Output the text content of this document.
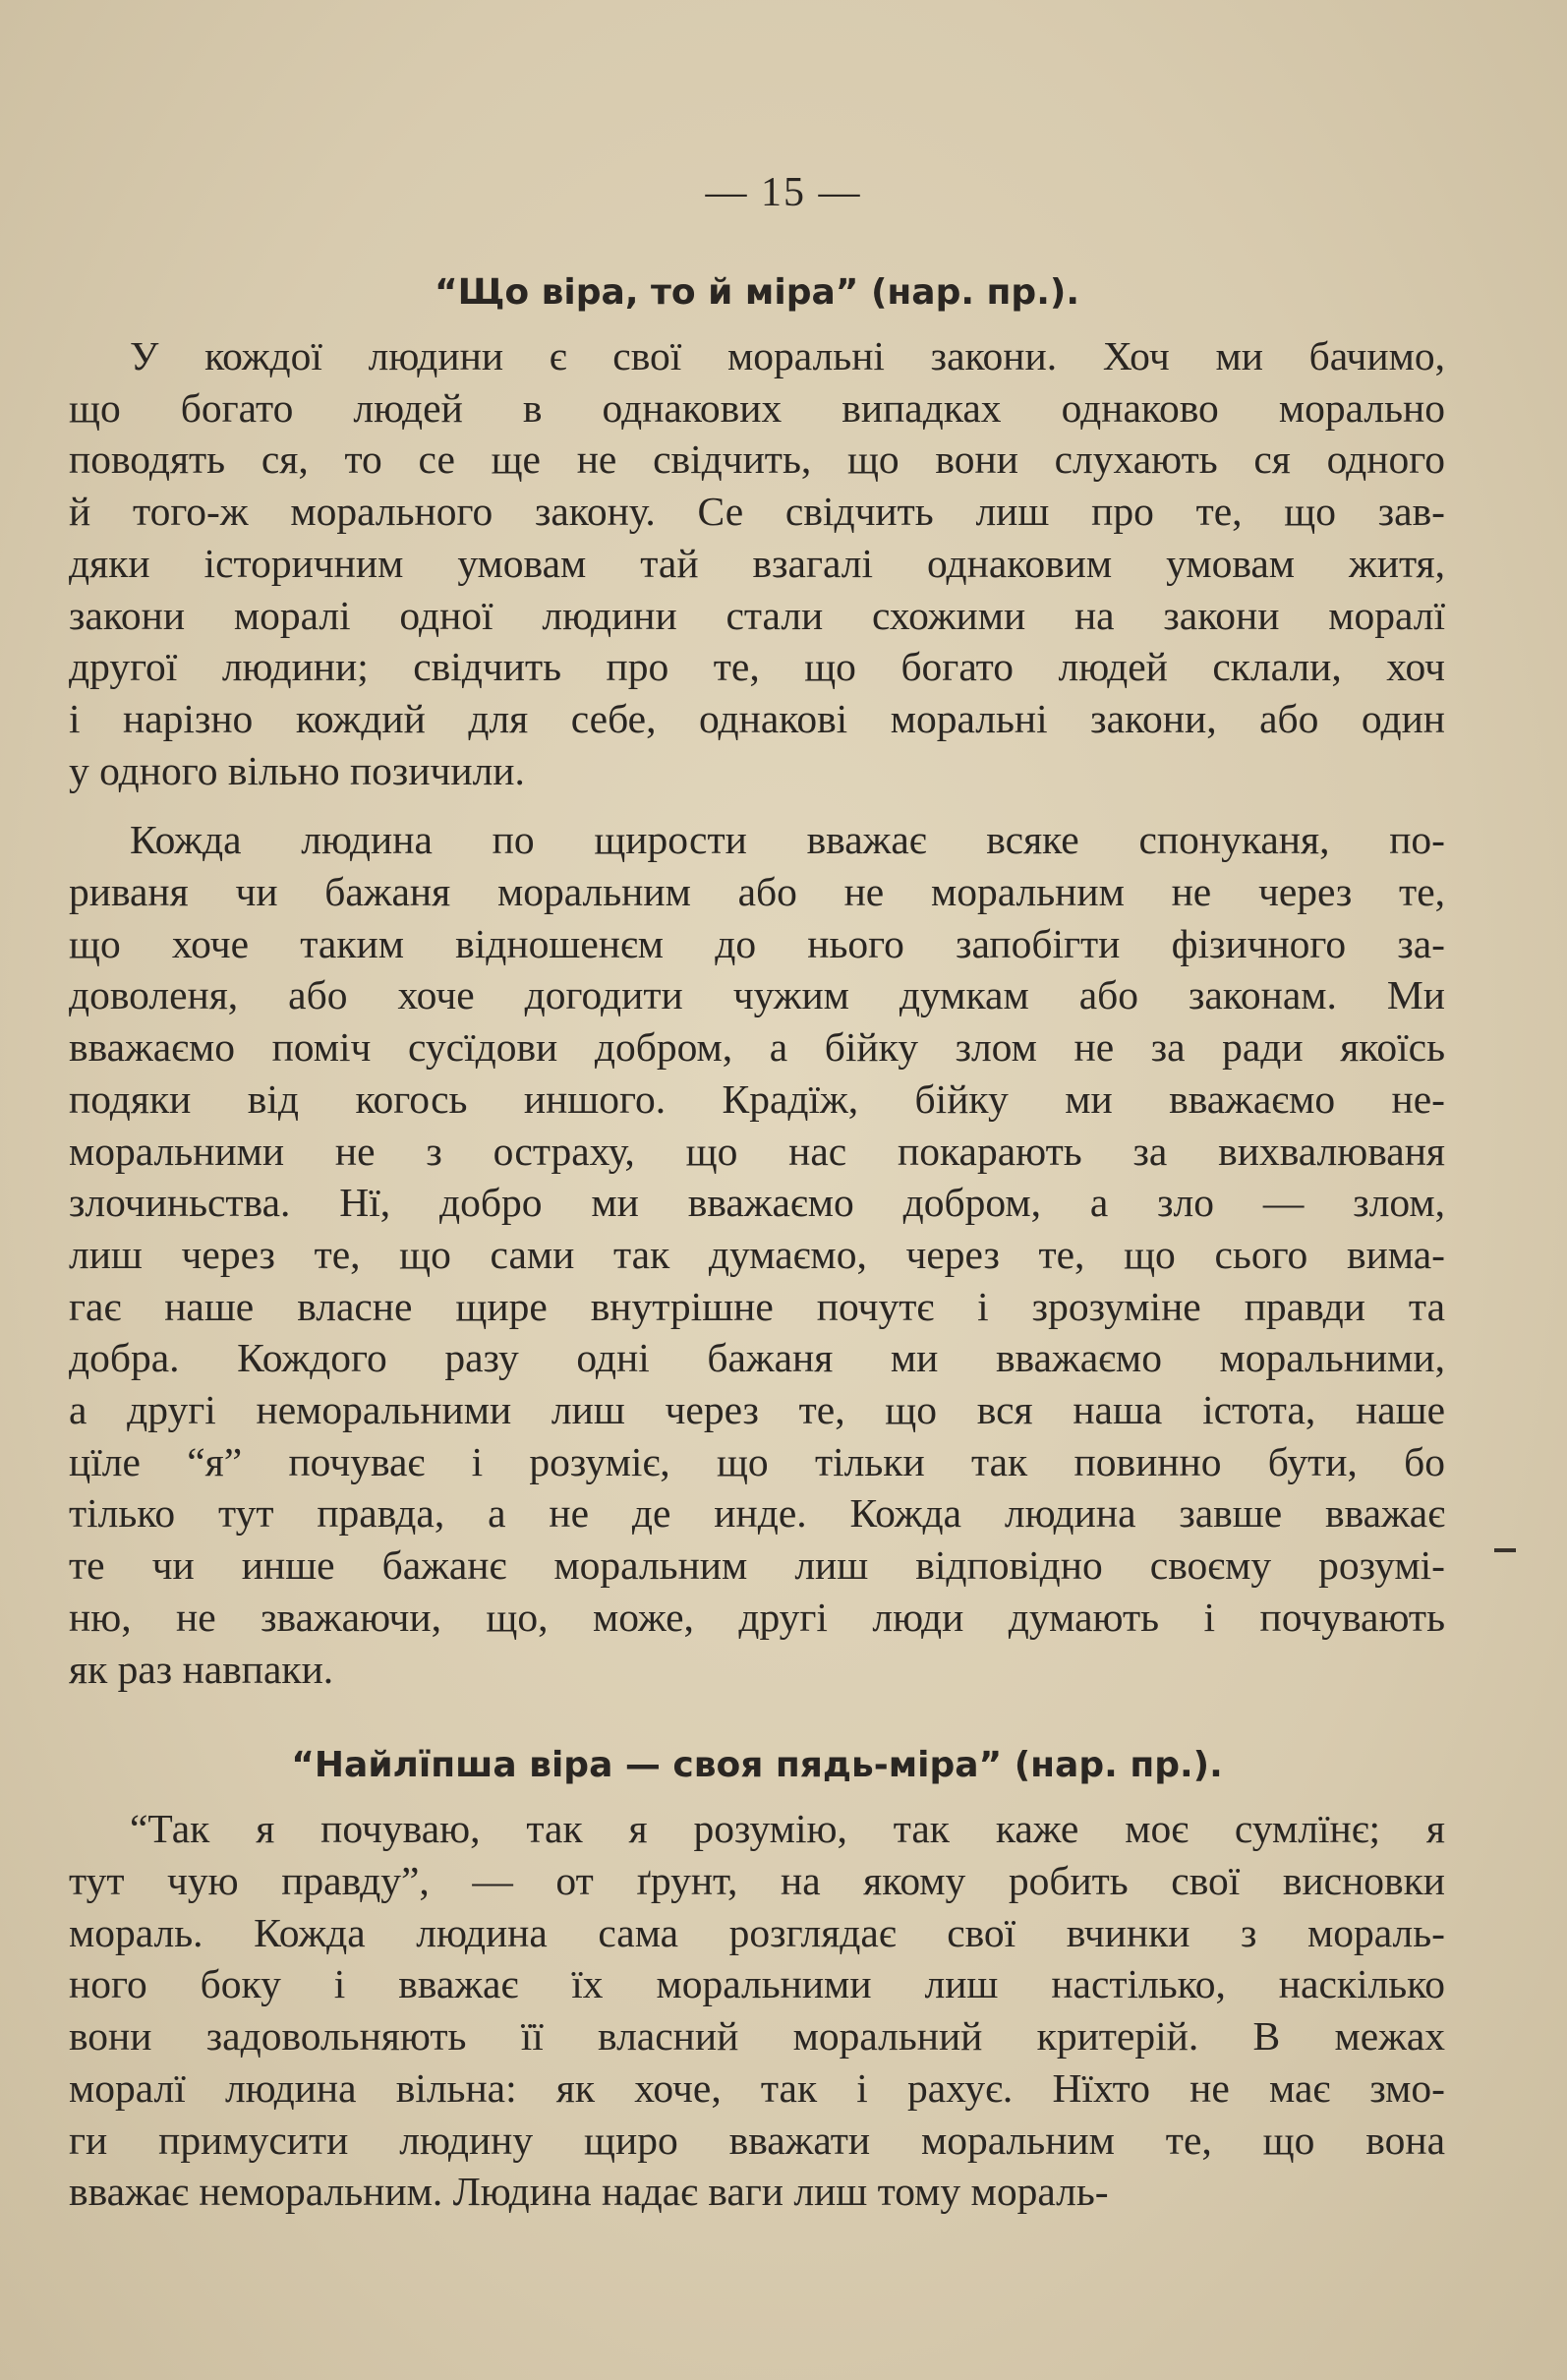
— 15 —
“Що віра, то й міра” (нар. пр.).
У кождої людини є свої моральні закони. Хоч ми бачимо,
що богато людей в однакових випадках однаково морально
поводять ся, то се ще не свідчить, що вони слухають ся одного
й того-ж морального закону. Се свідчить лиш про те, що зав-
дяки історичним умовам тай взагалі однаковим умовам житя,
закони моралі одної людини стали схожими на закони моралї
другої людини; свідчить про те, що богато людей склали, хоч
і нарізно кождий для себе, однакові моральні закони, або один
у одного вільно позичили.
Кожда людина по щирости вважає всяке спонуканя, по-
риваня чи бажаня моральним або не моральним не через те,
що хоче таким відношенєм до нього запобігти фізичного за-
доволеня, або хоче догодити чужим думкам або законам. Ми
вважаємо поміч сусїдови добром, а бійку злом не за ради якоїсь
подяки від когось иншого. Крадїж, бійку ми вважаємо не-
моральними не з остраху, що нас покарають за вихвалюваня
злочиньства. Нї, добро ми вважаємо добром, а зло — злом,
лиш через те, що сами так думаємо, через те, що сього вима-
гає наше власне щире внутрішне почутє і зрозуміне правди та
добра. Кождого разу одні бажаня ми вважаємо моральними,
а другі неморальними лиш через те, що вся наша істота, наше
цїле “я” почуває і розуміє, що тільки так повинно бути, бо
тілько тут правда, а не де инде. Кожда людина завше вважає
те чи инше бажанє моральним лиш відповідно своєму розумі-
ню, не зважаючи, що, може, другі люди думають і почувають
як раз навпаки.
“Найлїпша віра — своя пядь-міра” (нар. пр.).
“Так я почуваю, так я розумію, так каже моє сумлїнє; я
тут чую правду”, — от ґрунт, на якому робить свої висновки
мораль. Кожда людина сама розглядає свої вчинки з мораль-
ного боку і вважає їх моральними лиш настілько, наскілько
вони задовольняють її власний моральний критерій. В межах
моралї людина вільна: як хоче, так і рахує. Нїхто не має змо-
ги примусити людину щиро вважати моральним те, що вона
вважає неморальним. Людина надає ваги лиш тому мораль-
